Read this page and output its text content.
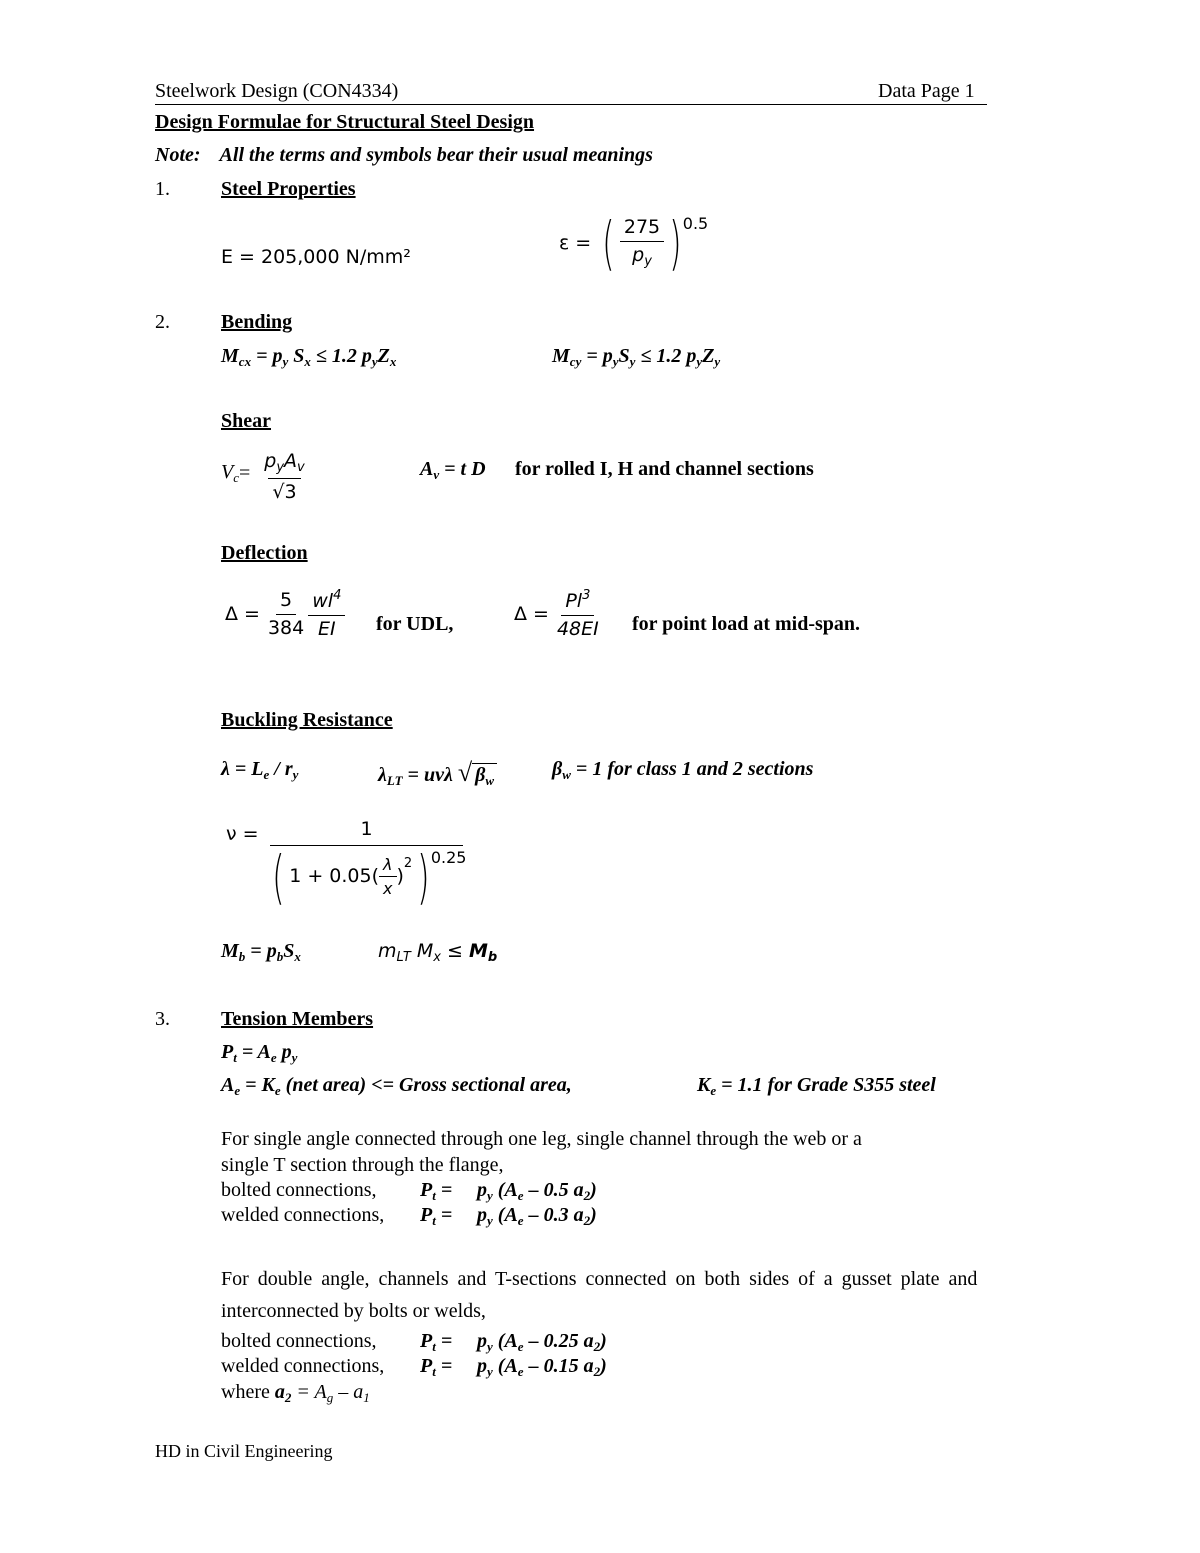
Steelwork Design (CON4334)	Data Page 1
Design Formulae for Structural Steel Design
Note: All the terms and symbols bear their usual meanings
1.	Steel Properties
E = 205,000 N/mm²
ε = ( $\frac{275}{p_y}$ ) 0.5
2.	Bending
$M_{cx} = p_y$ $S_x \le 1.2$ $p_yZ_x$	$M_{cy} = p_yS_y \le 1.2$ $p_yZ_y$
Shear
$V_c = \frac{p_yA_v}{√3}$	$A_v = t$ D for rolled I, H and channel sections
Deflection
$\Delta = \frac{5}{384} \frac{wl^4}{EI}$ for UDL,	$\Delta = \frac{Pl^3}{48EI}$ for point load at mid-span.
Buckling Resistance
$\lambda = L_e / r_y$	$\lambda_{LT} = uv\lambda$ √ $\beta_w$
$\beta_w = 1$ for class 1 and 2 sections
ν = 1
( $1 + 0.05( \frac{\lambda}{x}$ )
$^2$ ) 0.25
$M_b = p_bS_x$	$m_{LT}$ $M_x \le M_b$
3.	Tension Members
$P_t = A_e$ $p_y$
$A_e = K_e$ (net area) <= Gross sectional area,	$K_e = 1.1$ for Grade S355 steel
For single angle connected through one leg, single channel through the web or a
single T section through the flange,
bolted connections, $P_t = p_y$ ($A_e - 0.5$ $a_2$)
welded connections, $P_t = p_y$ ($A_e - 0.3$ $a_2$)
For double angle, channels and T-sections connected on both sides of a gusset plate and
interconnected by bolts or welds,
bolted connections, $P_t = p_y$ ($A_e - 0.25$ $a_2$)
welded connections, $P_t = p_y$ ($A_e - 0.15$ $a_2$)
where $a_2 = A_g - a_1$
HD in Civil Engineering
